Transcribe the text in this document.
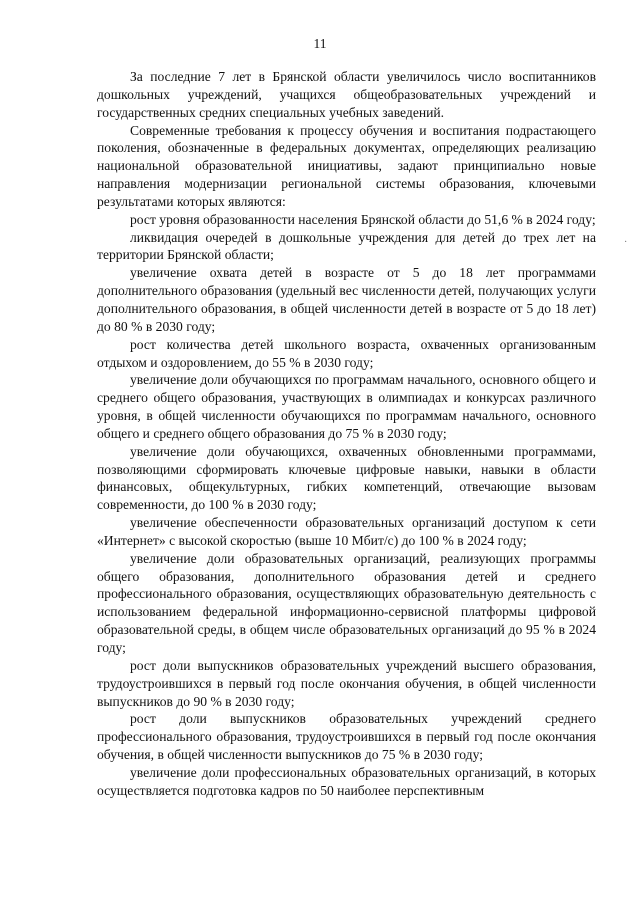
11

За последние 7 лет в Брянской области увеличилось число воспитанников дошкольных учреждений, учащихся общеобразовательных учреждений и государственных средних специальных учебных заведений.

Современные требования к процессу обучения и воспитания подрастающего поколения, обозначенные в федеральных документах, определяющих реализацию национальной образовательной инициативы, задают принципиально новые направления модернизации региональной системы образования, ключевыми результатами которых являются:

рост уровня образованности населения Брянской области до 51,6 % в 2024 году;

ликвидация очередей в дошкольные учреждения для детей до трех лет на территории Брянской области;

увеличение охвата детей в возрасте от 5 до 18 лет программами дополнительного образования (удельный вес численности детей, получающих услуги дополнительного образования, в общей численности детей в возрасте от 5 до 18 лет) до 80 % в 2030 году;

рост количества детей школьного возраста, охваченных организованным отдыхом и оздоровлением, до 55 % в 2030 году;

увеличение доли обучающихся по программам начального, основного общего и среднего общего образования, участвующих в олимпиадах и конкурсах различного уровня, в общей численности обучающихся по программам начального, основного общего и среднего общего образования до 75 % в 2030 году;

увеличение доли обучающихся, охваченных обновленными программами, позволяющими сформировать ключевые цифровые навыки, навыки в области финансовых, общекультурных, гибких компетенций, отвечающие вызовам современности, до 100 % в 2030 году;

увеличение обеспеченности образовательных организаций доступом к сети «Интернет» с высокой скоростью (выше 10 Мбит/с) до 100 % в 2024 году;

увеличение доли образовательных организаций, реализующих программы общего образования, дополнительного образования детей и среднего профессионального образования, осуществляющих образовательную деятельность с использованием федеральной информационно-сервисной платформы цифровой образовательной среды, в общем числе образовательных организаций до 95 % в 2024 году;

рост доли выпускников образовательных учреждений высшего образования, трудоустроившихся в первый год после окончания обучения, в общей численности выпускников до 90 % в 2030 году;

рост доли выпускников образовательных учреждений среднего профессионального образования, трудоустроившихся в первый год после окончания обучения, в общей численности выпускников до 75 % в 2030 году;

увеличение доли профессиональных образовательных организаций, в которых осуществляется подготовка кадров по 50 наиболее перспективным

·
